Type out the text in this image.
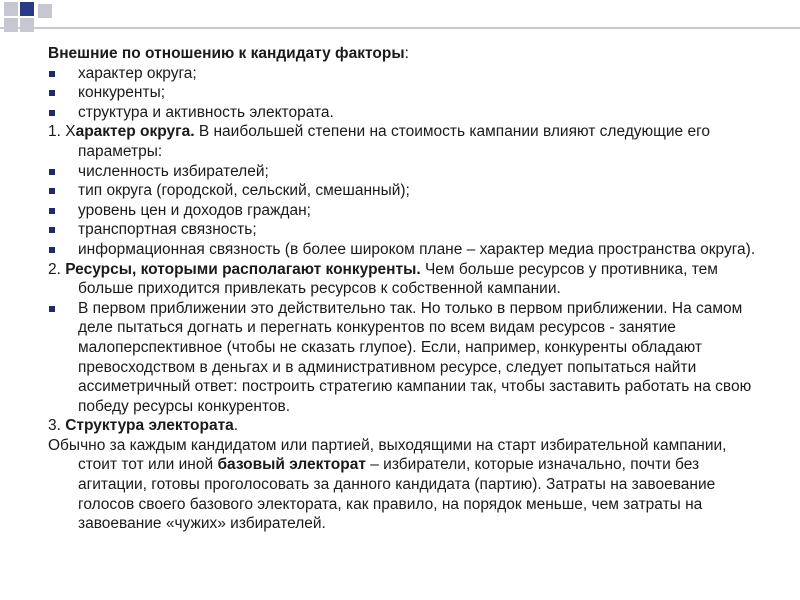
Внешние по отношению к кандидату факторы:
характер округа;
конкуренты;
структура и активность электората.
1. Характер округа. В наибольшей степени на стоимость кампании влияют следующие его параметры:
численность избирателей;
тип округа (городской, сельский, смешанный);
уровень цен и доходов граждан;
транспортная связность;
информационная связность (в более широком плане – характер медиа пространства округа).
2. Ресурсы, которыми располагают конкуренты. Чем больше ресурсов у противника, тем больше приходится привлекать ресурсов к собственной кампании.
В первом приближении это действительно так. Но только в первом приближении. На самом деле пытаться догнать и перегнать конкурентов по всем видам ресурсов - занятие малоперспективное (чтобы не сказать глупое). Если, например, конкуренты обладают превосходством в деньгах и в административном ресурсе, следует попытаться найти ассиметричный ответ: построить стратегию кампании так, чтобы заставить работать на свою победу ресурсы конкурентов.
3. Структура электората.
Обычно за каждым кандидатом или партией, выходящими на старт избирательной кампании, стоит тот или иной базовый электорат – избиратели, которые изначально, почти без агитации, готовы проголосовать за данного кандидата (партию). Затраты на завоевание голосов своего базового электората, как правило, на порядок меньше, чем затраты на завоевание «чужих» избирателей.
